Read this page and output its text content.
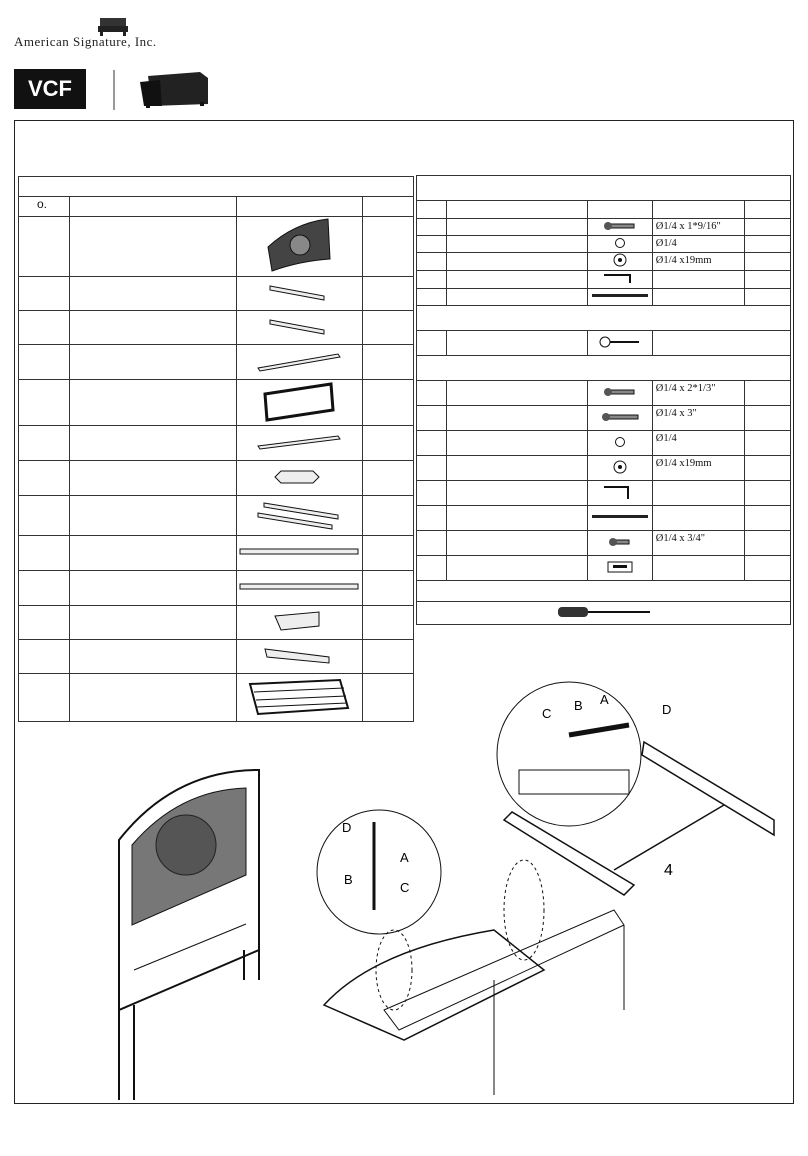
American Signature, Inc.
VCF

o.			

			Ø1/4 x 1*9/16"	
			Ø1/4	
			Ø1/4 x19mm	

			Ø1/4 x 2*1/3"	
			Ø1/4 x 3"	
			Ø1/4	
			Ø1/4 x19mm	

			Ø1/4 x 3/4"	

C
B A
D
4
D
A
B
C
